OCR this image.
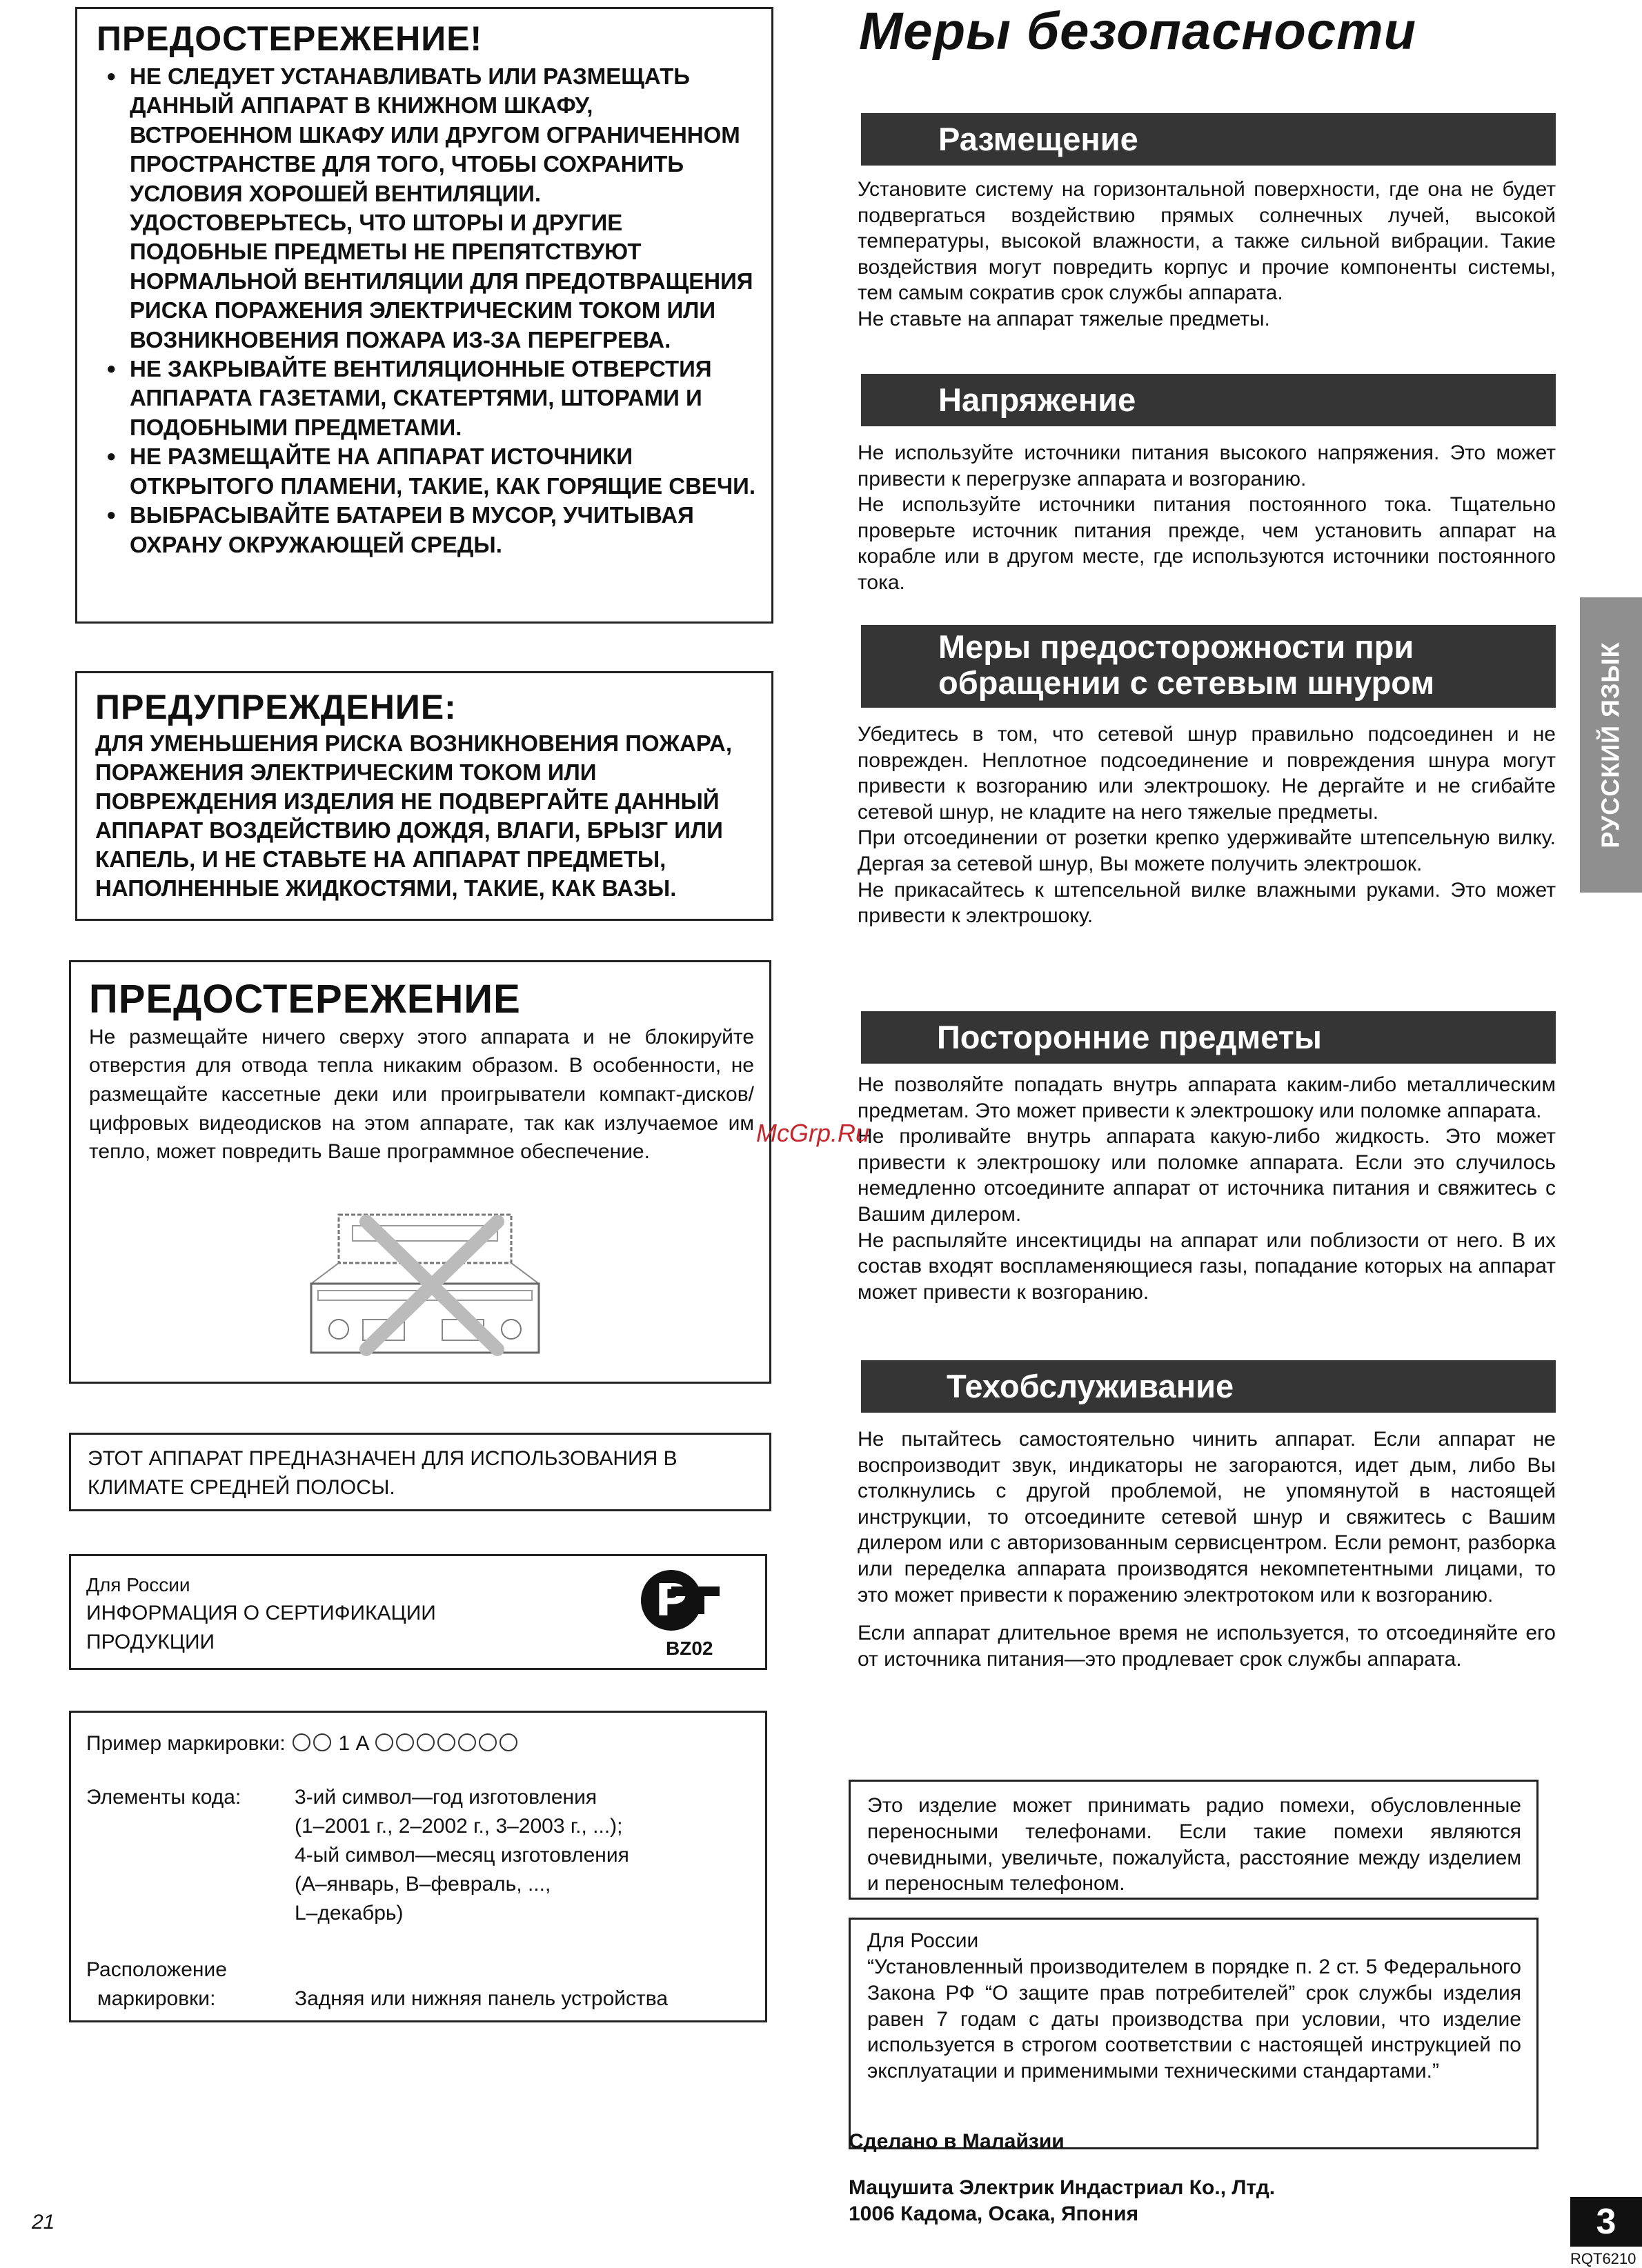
ПРЕДОСТЕРЕЖЕНИЕ!
● НЕ СЛЕДУЕТ УСТАНАВЛИВАТЬ ИЛИ РАЗМЕЩАТЬ ДАННЫЙ АППАРАТ В КНИЖНОМ ШКАФУ, ВСТРОЕННОМ ШКАФУ ИЛИ ДРУГОМ ОГРАНИЧЕННОМ ПРОСТРАНСТВЕ ДЛЯ ТОГО, ЧТОБЫ СОХРАНИТЬ УСЛОВИЯ ХОРОШЕЙ ВЕНТИЛЯЦИИ. УДОСТОВЕРЬТЕСЬ, ЧТО ШТОРЫ И ДРУГИЕ ПОДОБНЫЕ ПРЕДМЕТЫ НЕ ПРЕПЯТСТВУЮТ НОРМАЛЬНОЙ ВЕНТИЛЯЦИИ ДЛЯ ПРЕДОТВРАЩЕНИЯ РИСКА ПОРАЖЕНИЯ ЭЛЕКТРИЧЕСКИМ ТОКОМ ИЛИ ВОЗНИКНОВЕНИЯ ПОЖАРА ИЗ-ЗА ПЕРЕГРЕВА.
● НЕ ЗАКРЫВАЙТЕ ВЕНТИЛЯЦИОННЫЕ ОТВЕРСТИЯ АППАРАТА ГАЗЕТАМИ, СКАТЕРТЯМИ, ШТОРАМИ И ПОДОБНЫМИ ПРЕДМЕТАМИ.
● НЕ РАЗМЕЩАЙТЕ НА АППАРАТ ИСТОЧНИКИ ОТКРЫТОГО ПЛАМЕНИ, ТАКИЕ, КАК ГОРЯЩИЕ СВЕЧИ.
● ВЫБРАСЫВАЙТЕ БАТАРЕИ В МУСОР, УЧИТЫВАЯ ОХРАНУ ОКРУЖАЮЩЕЙ СРЕДЫ.
ПРЕДУПРЕЖДЕНИЕ:
ДЛЯ УМЕНЬШЕНИЯ РИСКА ВОЗНИКНОВЕНИЯ ПОЖАРА, ПОРАЖЕНИЯ ЭЛЕКТРИЧЕСКИМ ТОКОМ ИЛИ ПОВРЕЖДЕНИЯ ИЗДЕЛИЯ НЕ ПОДВЕРГАЙТЕ ДАННЫЙ АППАРАТ ВОЗДЕЙСТВИЮ ДОЖДЯ, ВЛАГИ, БРЫЗГ ИЛИ КАПЕЛЬ, И НЕ СТАВЬТЕ НА АППАРАТ ПРЕДМЕТЫ, НАПОЛНЕННЫЕ ЖИДКОСТЯМИ, ТАКИЕ, КАК ВАЗЫ.
ПРЕДОСТЕРЕЖЕНИЕ
Не размещайте ничего сверху этого аппарата и не блокируйте отверстия для отвода тепла никаким образом. В особенности, не размещайте кассетные деки или проигрыватели компакт-дисков/цифровых видеодисков на этом аппарате, так как излучаемое им тепло, может повредить Ваше программное обеспечение.
ЭТОТ АППАРАТ ПРЕДНАЗНАЧЕН ДЛЯ ИСПОЛЬЗОВАНИЯ В КЛИМАТЕ СРЕДНЕЙ ПОЛОСЫ.
Для России
ИНФОРМАЦИЯ О СЕРТИФИКАЦИИ
ПРОДУКЦИИ
P
BZ02
Пример маркировки:	1 A
Элементы кода:	3-ий символ—год изготовления
(1–2001 г., 2–2002 г., 3–2003 г., ...);
4-ый символ—месяц изготовления
(А–январь, В–февраль, ...,
L–декабрь)

Расположение
маркировки:	Задняя или нижняя панель устройства
21
Меры безопасности
Размещение

Установите систему на горизонтальной поверхности, где она не будет подвергаться воздействию прямых солнечных лучей, высокой температуры, высокой влажности, а также сильной вибрации. Такие воздействия могут повредить корпус и прочие компоненты системы, тем самым сократив срок службы аппарата.

Не ставьте на аппарат тяжелые предметы.

Напряжение

Не используйте источники питания высокого напряжения. Это может привести к перегрузке аппарата и возгоранию.

Не используйте источники питания постоянного тока. Тщательно проверьте источник питания прежде, чем установить аппарат на корабле или в другом месте, где используются источники постоянного тока.

Меры предосторожности при
обращении с сетевым шнуром

Убедитесь в том, что сетевой шнур правильно подсоединен и не поврежден. Неплотное подсоединение и повреждения шнура могут привести к возгоранию или электрошоку. Не дергайте и не сгибайте сетевой шнур, не кладите на него тяжелые предметы.

При отсоединении от розетки крепко удерживайте штепсельную вилку. Дергая за сетевой шнур, Вы можете получить электрошок.

Не прикасайтесь к штепсельной вилке влажными руками. Это может привести к электрошоку.

Посторонние предметы

Не позволяйте попадать внутрь аппарата каким-либо металлическим предметам. Это может привести к электрошоку или поломке аппарата.

Не проливайте внутрь аппарата какую-либо жидкость. Это может привести к электрошоку или поломке аппарата. Если это случилось немедленно отсоедините аппарат от источника питания и свяжитесь с Вашим дилером.

Не распыляйте инсектициды на аппарат или поблизости от него. В их состав входят воспламеняющиеся газы, попадание которых на аппарат может привести к возгоранию.

Техобслуживание

Не пытайтесь самостоятельно чинить аппарат. Если аппарат не воспроизводит звук, индикаторы не загораются, идет дым, либо Вы столкнулись с другой проблемой, не упомянутой в настоящей инструкции, то отсоедините сетевой шнур и свяжитесь с Вашим дилером или с авторизованным сервисцентром. Если ремонт, разборка или переделка аппарата производятся некомпетентными лицами, то это может привести к поражению электротоком или к возгоранию.

Если аппарат длительное время не используется, то отсоединяйте его от источника питания—это продлевает срок службы аппарата.

Это изделие может принимать радио помехи, обусловленные переносными телефонами. Если такие помехи являются очевидными, увеличьте, пожалуйста, расстояние между изделием и переносным телефоном.
Для России
“Установленный производителем в порядке п. 2 ст. 5 Федерального Закона РФ “О защите прав потребителей” срок службы изделия равен 7 годам с даты производства при условии, что изделие используется в строгом соответствии с настоящей инструкцией по эксплуатации и применимыми техническими стандартами.”
Сделано в Малайзии
Мацушита Электрик Индастриал Ко., Лтд.
1006 Кадома, Осака, Япония
McGrp.Ru
РУССКИЙ ЯЗЫК
3
RQT6210
